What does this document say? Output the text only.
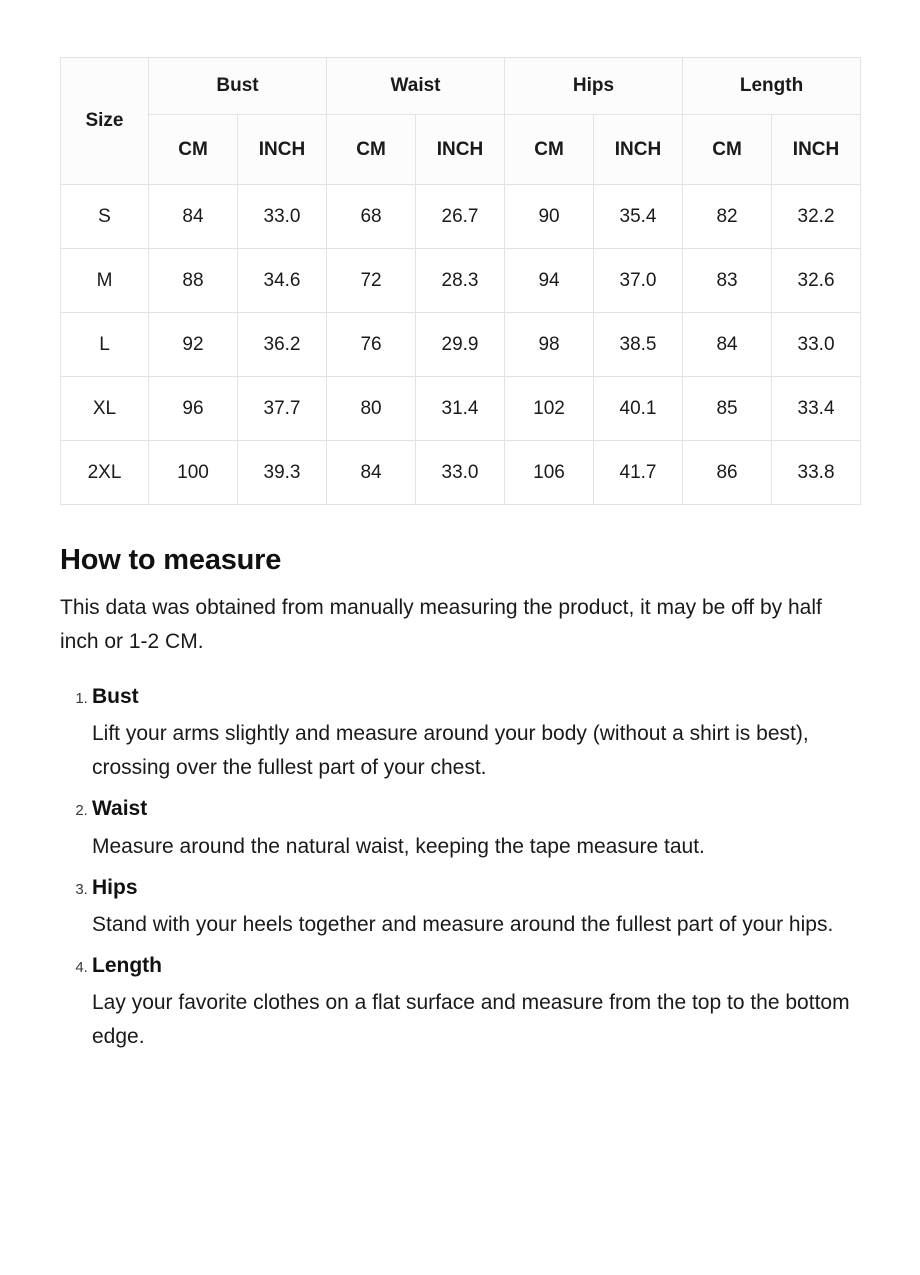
Size	Bust		Waist		Hips		Length	
	CM	INCH	CM	INCH	CM	INCH	CM	INCH
S	84	33.0	68	26.7	90	35.4	82	32.2
M	88	34.6	72	28.3	94	37.0	83	32.6
L	92	36.2	76	29.9	98	38.5	84	33.0
XL	96	37.7	80	31.4	102	40.1	85	33.4
2XL	100	39.3	84	33.0	106	41.7	86	33.8
How to measure

This data was obtained from manually measuring the product, it may be off by half inch or 1-2 CM.

1. Bust
Lift your arms slightly and measure around your body (without a shirt is best), crossing over the fullest part of your chest.
2. Waist
Measure around the natural waist, keeping the tape measure taut.
3. Hips
Stand with your heels together and measure around the fullest part of your hips.
4. Length
Lay your favorite clothes on a flat surface and measure from the top to the bottom edge.
